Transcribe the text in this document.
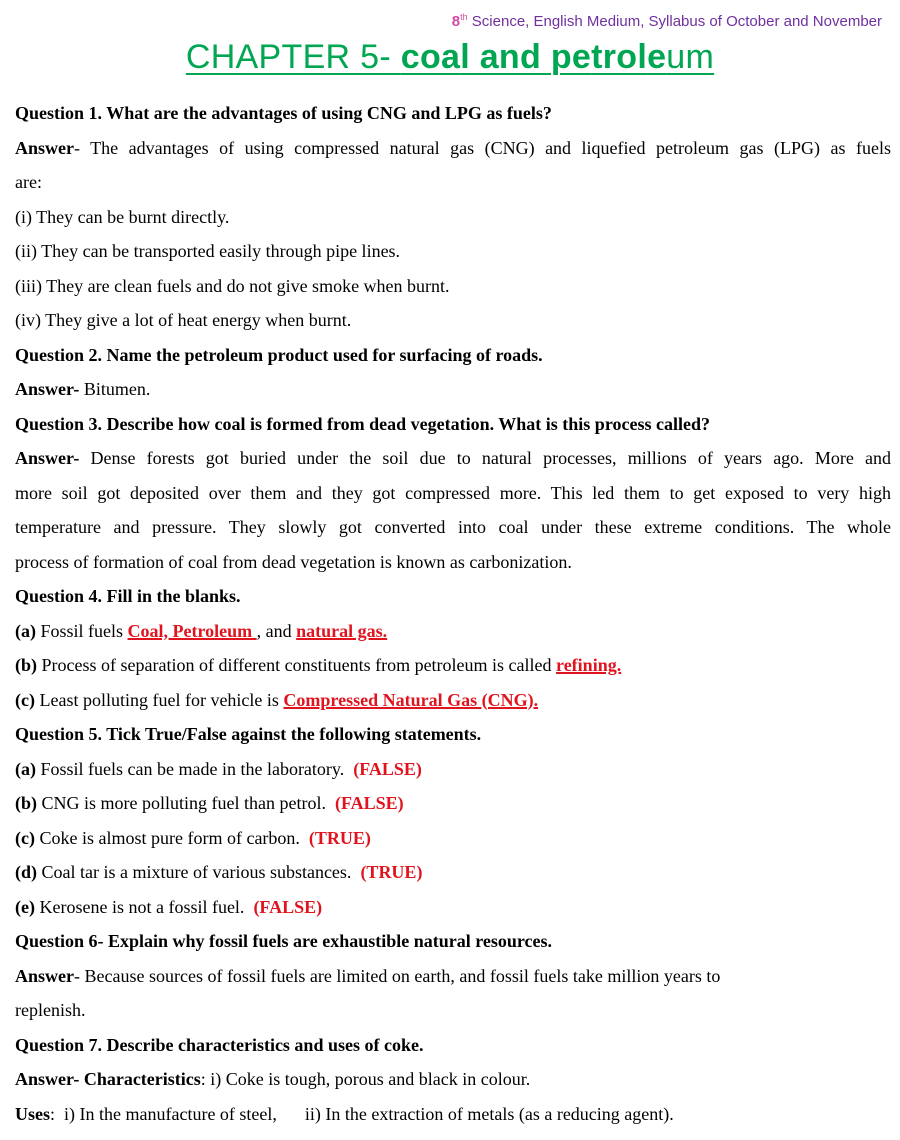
8th Science, English Medium, Syllabus of October and November
CHAPTER 5- coal and petroleum
Question 1. What are the advantages of using CNG and LPG as fuels?
Answer- The advantages of using compressed natural gas (CNG) and liquefied petroleum gas (LPG) as fuels
are:
(i) They can be burnt directly.
(ii) They can be transported easily through pipe lines.
(iii) They are clean fuels and do not give smoke when burnt.
(iv) They give a lot of heat energy when burnt.
Question 2. Name the petroleum product used for surfacing of roads.
Answer- Bitumen.
Question 3. Describe how coal is formed from dead vegetation. What is this process called?
Answer- Dense forests got buried under the soil due to natural processes, millions of years ago. More and
more soil got deposited over them and they got compressed more. This led them to get exposed to very high
temperature and pressure. They slowly got converted into coal under these extreme conditions. The whole
process of formation of coal from dead vegetation is known as carbonization.
Question 4. Fill in the blanks.
(a) Fossil fuels Coal, Petroleum , and natural gas.
(b) Process of separation of different constituents from petroleum is called refining.
(c) Least polluting fuel for vehicle is Compressed Natural Gas (CNG).
Question 5. Tick True/False against the following statements.
(a) Fossil fuels can be made in the laboratory.  (FALSE)
(b) CNG is more polluting fuel than petrol.  (FALSE)
(c) Coke is almost pure form of carbon.  (TRUE)
(d) Coal tar is a mixture of various substances.  (TRUE)
(e) Kerosene is not a fossil fuel.  (FALSE)
Question 6- Explain why fossil fuels are exhaustible natural resources.
Answer- Because sources of fossil fuels are limited on earth, and fossil fuels take million years to
replenish.
Question 7. Describe characteristics and uses of coke.
Answer- Characteristics: i) Coke is tough, porous and black in colour.
Uses:  i) In the manufacture of steel, ii) In the extraction of metals (as a reducing agent).
